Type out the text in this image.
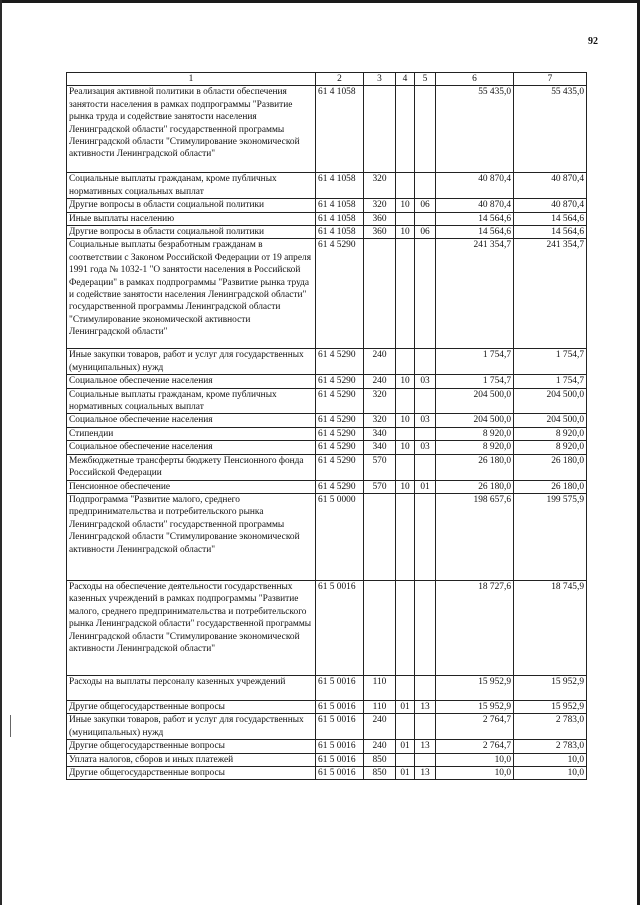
92
1	2	3	4	5	6	7
Реализация активной политики в области обеспечения занятости населения в рамках подпрограммы "Развитие рынка труда и содействие занятости населения Ленинградской области" государственной программы Ленинградской области "Стимулирование экономической активности Ленинградской области"	61 4 1058				55 435,0	55 435,0
Социальные выплаты гражданам, кроме публичных нормативных социальных выплат	61 4 1058	320			40 870,4	40 870,4
Другие вопросы в области социальной политики	61 4 1058	320	10	06	40 870,4	40 870,4
Иные выплаты населению	61 4 1058	360			14 564,6	14 564,6
Другие вопросы в области социальной политики	61 4 1058	360	10	06	14 564,6	14 564,6
Социальные выплаты безработным гражданам в соответствии с Законом Российской Федерации от 19 апреля 1991 года № 1032-1 "О занятости населения в Российской Федерации" в рамках подпрограммы "Развитие рынка труда и содействие занятости населения Ленинградской области" государственной программы Ленинградской области "Стимулирование экономической активности Ленинградской области"	61 4 5290				241 354,7	241 354,7
Иные закупки товаров, работ и услуг для государственных (муниципальных) нужд	61 4 5290	240			1 754,7	1 754,7
Социальное обеспечение населения	61 4 5290	240	10	03	1 754,7	1 754,7
Социальные выплаты гражданам, кроме публичных нормативных социальных выплат	61 4 5290	320			204 500,0	204 500,0
Социальное обеспечение населения	61 4 5290	320	10	03	204 500,0	204 500,0
Стипендии	61 4 5290	340			8 920,0	8 920,0
Социальное обеспечение населения	61 4 5290	340	10	03	8 920,0	8 920,0
Межбюджетные трансферты бюджету Пенсионного фонда Российской Федерации	61 4 5290	570			26 180,0	26 180,0
Пенсионное обеспечение	61 4 5290	570	10	01	26 180,0	26 180,0
Подпрограмма "Развитие малого, среднего предпринимательства и потребительского рынка Ленинградской области" государственной программы Ленинградской области "Стимулирование экономической активности Ленинградской области"	61 5 0000				198 657,6	199 575,9
Расходы на обеспечение деятельности государственных казенных учреждений в рамках подпрограммы "Развитие малого, среднего предпринимательства и потребительского рынка Ленинградской области" государственной программы Ленинградской области "Стимулирование экономической активности Ленинградской области"	61 5 0016				18 727,6	18 745,9
Расходы на выплаты персоналу казенных учреждений	61 5 0016	110			15 952,9	15 952,9
Другие общегосударственные вопросы	61 5 0016	110	01	13	15 952,9	15 952,9
Иные закупки товаров, работ и услуг для государственных (муниципальных) нужд	61 5 0016	240			2 764,7	2 783,0
Другие общегосударственные вопросы	61 5 0016	240	01	13	2 764,7	2 783,0
Уплата налогов, сборов и иных платежей	61 5 0016	850			10,0	10,0
Другие общегосударственные вопросы	61 5 0016	850	01	13	10,0	10,0
